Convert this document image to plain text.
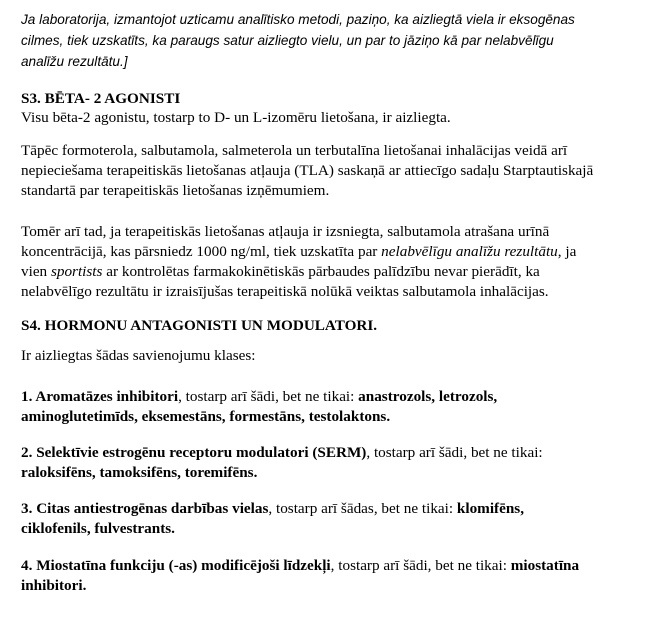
Ja laboratorija, izmantojot uzticamu analītisko metodi, paziņo, ka aizliegtā viela ir eksogēnas

cilmes, tiek uzskatīts, ka paraugs satur aizliegto vielu, un par to jāziņo kā par nelabvēlīgu

analīžu rezultātu.]

S3. BĒTA- 2 AGONISTI

Visu bēta-2 agonistu, tostarp to D- un L-izomēru lietošana, ir aizliegta.

Tāpēc formoterola, salbutamola, salmeterola un terbutalīna lietošanai inhalācijas veidā arī

nepieciešama terapeitiskās lietošanas atļauja (TLA) saskaņā ar attiecīgo sadaļu Starptautiskajā

standartā par terapeitiskās lietošanas izņēmumiem.

Tomēr arī tad, ja terapeitiskās lietošanas atļauja ir izsniegta, salbutamola atrašana urīnā

koncentrācijā, kas pārsniedz 1000 ng/ml, tiek uzskatīta par nelabvēlīgu analīžu rezultātu, ja

vien sportists ar kontrolētas farmakokinētiskās pārbaudes palīdzību nevar pierādīt, ka

nelabvēlīgo rezultātu ir izraisījušas terapeitiskā nolūkā veiktas salbutamola inhalācijas.

S4. HORMONU ANTAGONISTI UN MODULATORI.

Ir aizliegtas šādas savienojumu klases:

1. Aromatāzes inhibitori, tostarp arī šādi, bet ne tikai: anastrozols, letrozols,

aminoglutetimīds, eksemestāns, formestāns, testolaktons.

2. Selektīvie estrogēnu receptoru modulatori (SERM), tostarp arī šādi, bet ne tikai:

raloksifēns, tamoksifēns, toremifēns.

3. Citas antiestrogēnas darbības vielas, tostarp arī šādas, bet ne tikai: klomifēns,

ciklofenils, fulvestrants.

4. Miostatīna funkciju (-as) modificējoši līdzekļi, tostarp arī šādi, bet ne tikai: miostatīna

inhibitori.
